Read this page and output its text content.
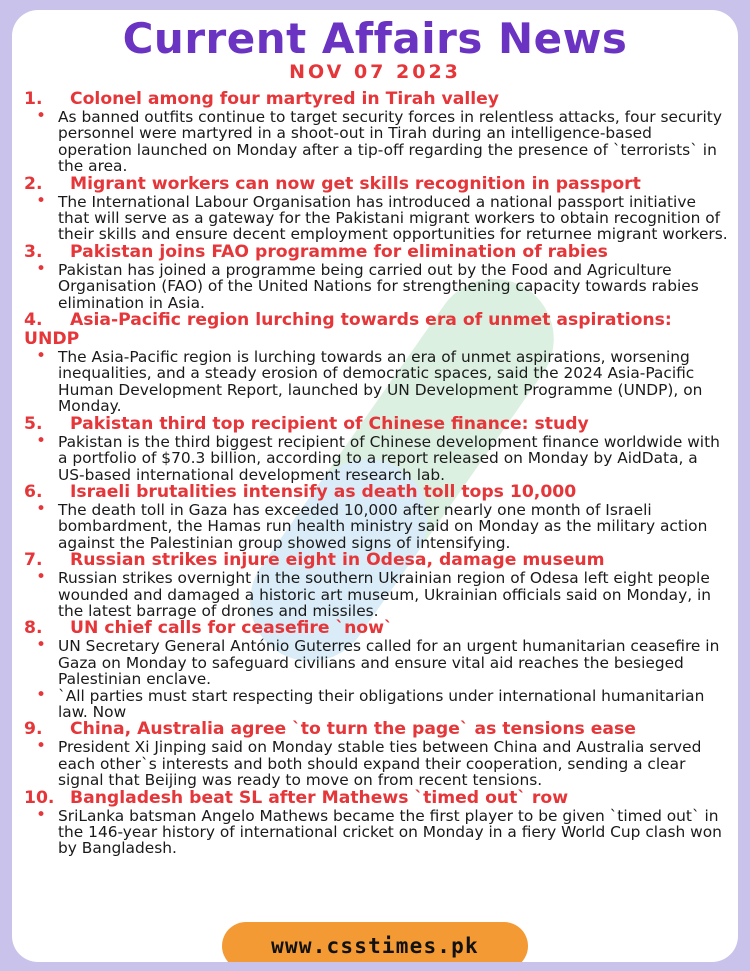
Current Affairs News
NOV 07 2023
1. Colonel among four martyred in Tirah valley

• As banned outfits continue to target security forces in relentless attacks, four security personnel were martyred in a shoot-out in Tirah during an intelligence-based operation launched on Monday after a tip-off regarding the presence of `terrorists` in the area.

2. Migrant workers can now get skills recognition in passport

• The International Labour Organisation has introduced a national passport initiative that will serve as a gateway for the Pakistani migrant workers to obtain recognition of their skills and ensure decent employment opportunities for returnee migrant workers.

3. Pakistan joins FAO programme for elimination of rabies

• Pakistan has joined a programme being carried out by the Food and Agriculture Organisation (FAO) of the United Nations for strengthening capacity towards rabies elimination in Asia.

4. Asia-Pacific region lurching towards era of unmet aspirations: UNDP

• The Asia-Pacific region is lurching towards an era of unmet aspirations, worsening inequalities, and a steady erosion of democratic spaces, said the 2024 Asia-Pacific Human Development Report, launched by UN Development Programme (UNDP), on Monday.

5. Pakistan third top recipient of Chinese finance: study

• Pakistan is the third biggest recipient of Chinese development finance worldwide with a portfolio of $70.3 billion, according to a report released on Monday by AidData, a US-based international development research lab.

6. Israeli brutalities intensify as death toll tops 10,000

• The death toll in Gaza has exceeded 10,000 after nearly one month of Israeli bombardment, the Hamas run health ministry said on Monday as the military action against the Palestinian group showed signs of intensifying.

7. Russian strikes injure eight in Odesa, damage museum

• Russian strikes overnight in the southern Ukrainian region of Odesa left eight people wounded and damaged a historic art museum, Ukrainian officials said on Monday, in the latest barrage of drones and missiles.

8. UN chief calls for ceasefire `now`

• UN Secretary General António Guterres called for an urgent humanitarian ceasefire in Gaza on Monday to safeguard civilians and ensure vital aid reaches the besieged Palestinian enclave.

• `All parties must start respecting their obligations under international humanitarian law. Now

9. China, Australia agree `to turn the page` as tensions ease

• President Xi Jinping said on Monday stable ties between China and Australia served each other`s interests and both should expand their cooperation, sending a clear signal that Beijing was ready to move on from recent tensions.

10. Bangladesh beat SL after Mathews `timed out` row

• SriLanka batsman Angelo Mathews became the first player to be given `timed out` in the 146-year history of international cricket on Monday in a fiery World Cup clash won by Bangladesh.

www.csstimes.pk
